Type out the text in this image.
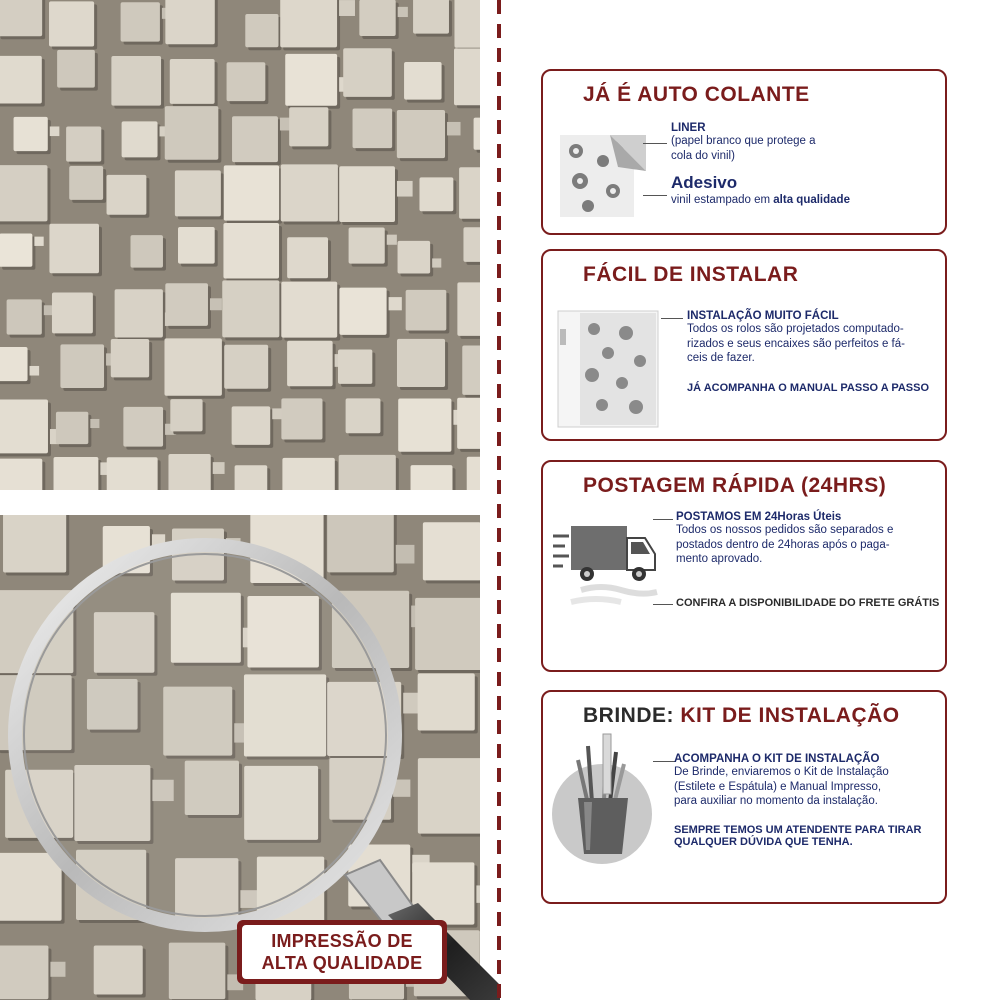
IMPRESSÃO DE
ALTA QUALIDADE
JÁ É AUTO COLANTE
LINER
(papel branco que protege a
cola do vinil)
Adesivo
vinil estampado em alta qualidade
FÁCIL DE INSTALAR
INSTALAÇÃO MUITO FÁCIL
Todos os rolos são projetados computado-
rizados e seus encaixes são perfeitos e fá-
ceis de fazer.
JÁ ACOMPANHA O MANUAL PASSO A PASSO
POSTAGEM RÁPIDA (24HRS)
POSTAMOS EM 24Horas Úteis
Todos os nossos pedidos são separados e
postados dentro de 24horas após o paga-
mento aprovado.
CONFIRA A DISPONIBILIDADE DO FRETE GRÁTIS
BRINDE: KIT DE INSTALAÇÃO
ACOMPANHA O KIT DE INSTALAÇÃO
De Brinde, enviaremos o Kit de Instalação
(Estilete e Espátula) e Manual Impresso,
para auxiliar no momento da instalação.
SEMPRE TEMOS UM ATENDENTE PARA TIRAR
QUALQUER DÚVIDA QUE TENHA.
